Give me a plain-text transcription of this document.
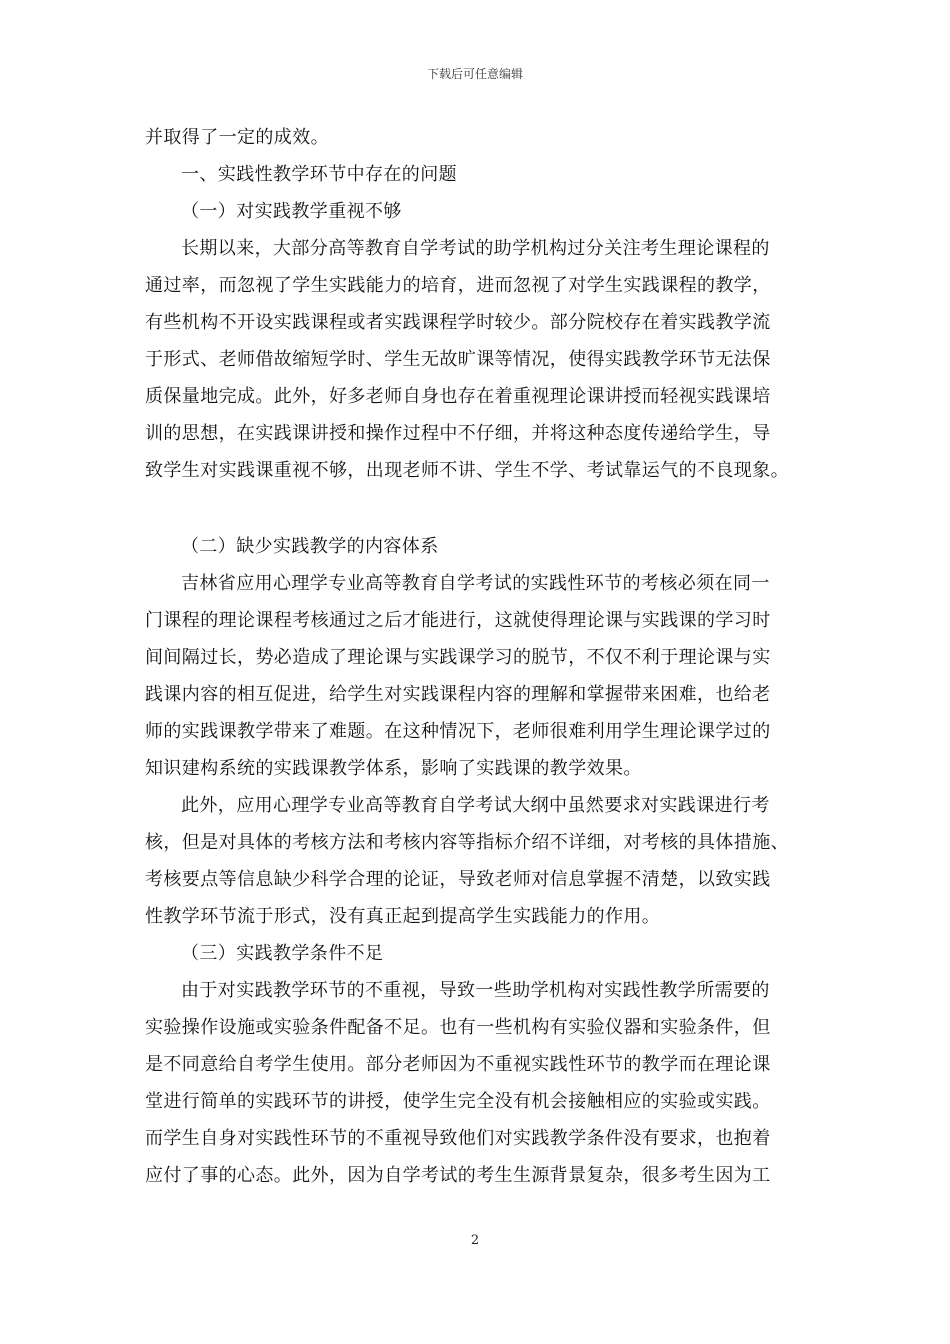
下载后可任意编辑
并取得了一定的成效。
一、实践性教学环节中存在的问题
（一）对实践教学重视不够
长期以来，大部分高等教育自学考试的助学机构过分关注考生理论课程的
通过率，而忽视了学生实践能力的培育，进而忽视了对学生实践课程的教学，
有些机构不开设实践课程或者实践课程学时较少。部分院校存在着实践教学流
于形式、老师借故缩短学时、学生无故旷课等情况，使得实践教学环节无法保
质保量地完成。此外，好多老师自身也存在着重视理论课讲授而轻视实践课培
训的思想，在实践课讲授和操作过程中不仔细，并将这种态度传递给学生，导
致学生对实践课重视不够，出现老师不讲、学生不学、考试靠运气的不良现象。
（二）缺少实践教学的内容体系
吉林省应用心理学专业高等教育自学考试的实践性环节的考核必须在同一
门课程的理论课程考核通过之后才能进行，这就使得理论课与实践课的学习时
间间隔过长，势必造成了理论课与实践课学习的脱节，不仅不利于理论课与实
践课内容的相互促进，给学生对实践课程内容的理解和掌握带来困难，也给老
师的实践课教学带来了难题。在这种情况下，老师很难利用学生理论课学过的
知识建构系统的实践课教学体系，影响了实践课的教学效果。
此外，应用心理学专业高等教育自学考试大纲中虽然要求对实践课进行考
核，但是对具体的考核方法和考核内容等指标介绍不详细，对考核的具体措施、
考核要点等信息缺少科学合理的论证，导致老师对信息掌握不清楚，以致实践
性教学环节流于形式，没有真正起到提高学生实践能力的作用。
（三）实践教学条件不足
由于对实践教学环节的不重视，导致一些助学机构对实践性教学所需要的
实验操作设施或实验条件配备不足。也有一些机构有实验仪器和实验条件，但
是不同意给自考学生使用。部分老师因为不重视实践性环节的教学而在理论课
堂进行简单的实践环节的讲授，使学生完全没有机会接触相应的实验或实践。
而学生自身对实践性环节的不重视导致他们对实践教学条件没有要求，也抱着
应付了事的心态。此外，因为自学考试的考生生源背景复杂，很多考生因为工
2
